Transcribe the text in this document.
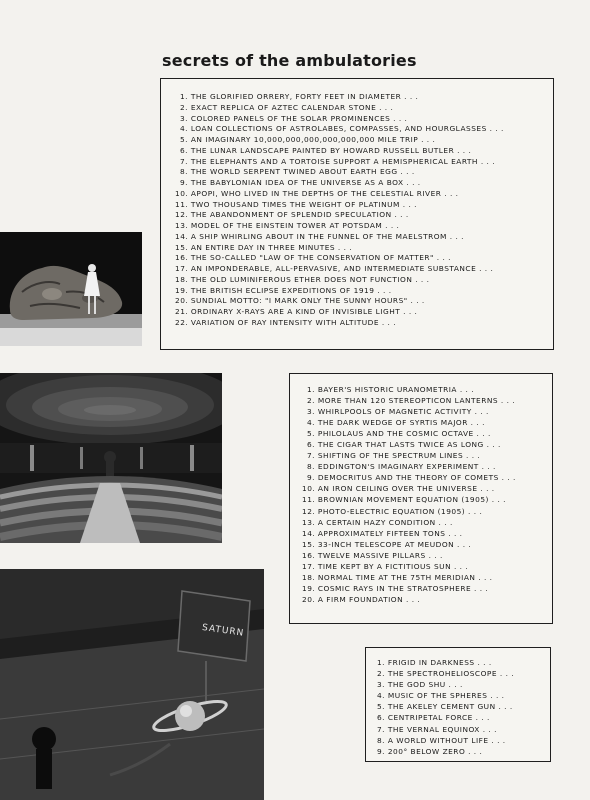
secrets of the ambulatories
SATURN
1. THE GLORIFIED ORRERY, FORTY FEET IN DIAMETER . . .
2. EXACT REPLICA OF AZTEC CALENDAR STONE . . .
3. COLORED PANELS OF THE SOLAR PROMINENCES . . .
4. LOAN COLLECTIONS OF ASTROLABES, COMPASSES, AND HOURGLASSES . . .
5. AN IMAGINARY 10,000,000,000,000,000,000 MILE TRIP . . .
6. THE LUNAR LANDSCAPE PAINTED BY HOWARD RUSSELL BUTLER . . .
7. THE ELEPHANTS AND A TORTOISE SUPPORT A HEMISPHERICAL EARTH . . .
8. THE WORLD SERPENT TWINED ABOUT EARTH EGG . . .
9. THE BABYLONIAN IDEA OF THE UNIVERSE AS A BOX . . .
10. APOPI, WHO LIVED IN THE DEPTHS OF THE CELESTIAL RIVER . . .
11. TWO THOUSAND TIMES THE WEIGHT OF PLATINUM . . .
12. THE ABANDONMENT OF SPLENDID SPECULATION . . .
13. MODEL OF THE EINSTEIN TOWER AT POTSDAM . . .
14. A SHIP WHIRLING ABOUT IN THE FUNNEL OF THE MAELSTROM . . .
15. AN ENTIRE DAY IN THREE MINUTES . . .
16. THE SO-CALLED "LAW OF THE CONSERVATION OF MATTER" . . .
17. AN IMPONDERABLE, ALL-PERVASIVE, AND INTERMEDIATE SUBSTANCE . . .
18. THE OLD LUMINIFEROUS ETHER DOES NOT FUNCTION . . .
19. THE BRITISH ECLIPSE EXPEDITIONS OF 1919 . . .
20. SUNDIAL MOTTO: "I MARK ONLY THE SUNNY HOURS" . . .
21. ORDINARY X-RAYS ARE A KIND OF INVISIBLE LIGHT . . .
22. VARIATION OF RAY INTENSITY WITH ALTITUDE . . .
1. BAYER'S HISTORIC URANOMETRIA . . .
2. MORE THAN 120 STEREOPTICON LANTERNS . . .
3. WHIRLPOOLS OF MAGNETIC ACTIVITY . . .
4. THE DARK WEDGE OF SYRTIS MAJOR . . .
5. PHILOLAUS AND THE COSMIC OCTAVE . . .
6. THE CIGAR THAT LASTS TWICE AS LONG . . .
7. SHIFTING OF THE SPECTRUM LINES . . .
8. EDDINGTON'S IMAGINARY EXPERIMENT . . .
9. DEMOCRITUS AND THE THEORY OF COMETS . . .
10. AN IRON CEILING OVER THE UNIVERSE . . .
11. BROWNIAN MOVEMENT EQUATION (1905) . . .
12. PHOTO-ELECTRIC EQUATION (1905) . . .
13. A CERTAIN HAZY CONDITION . . .
14. APPROXIMATELY FIFTEEN TONS . . .
15. 33-INCH TELESCOPE AT MEUDON . . .
16. TWELVE MASSIVE PILLARS . . .
17. TIME KEPT BY A FICTITIOUS SUN . . .
18. NORMAL TIME AT THE 75TH MERIDIAN . . .
19. COSMIC RAYS IN THE STRATOSPHERE . . .
20. A FIRM FOUNDATION . . .
1. FRIGID IN DARKNESS . . .
2. THE SPECTROHELIOSCOPE . . .
3. THE GOD SHU . . .
4. MUSIC OF THE SPHERES . . .
5. THE AKELEY CEMENT GUN . . .
6. CENTRIPETAL FORCE . . .
7. THE VERNAL EQUINOX . . .
8. A WORLD WITHOUT LIFE . . .
9. 200° BELOW ZERO . . .
